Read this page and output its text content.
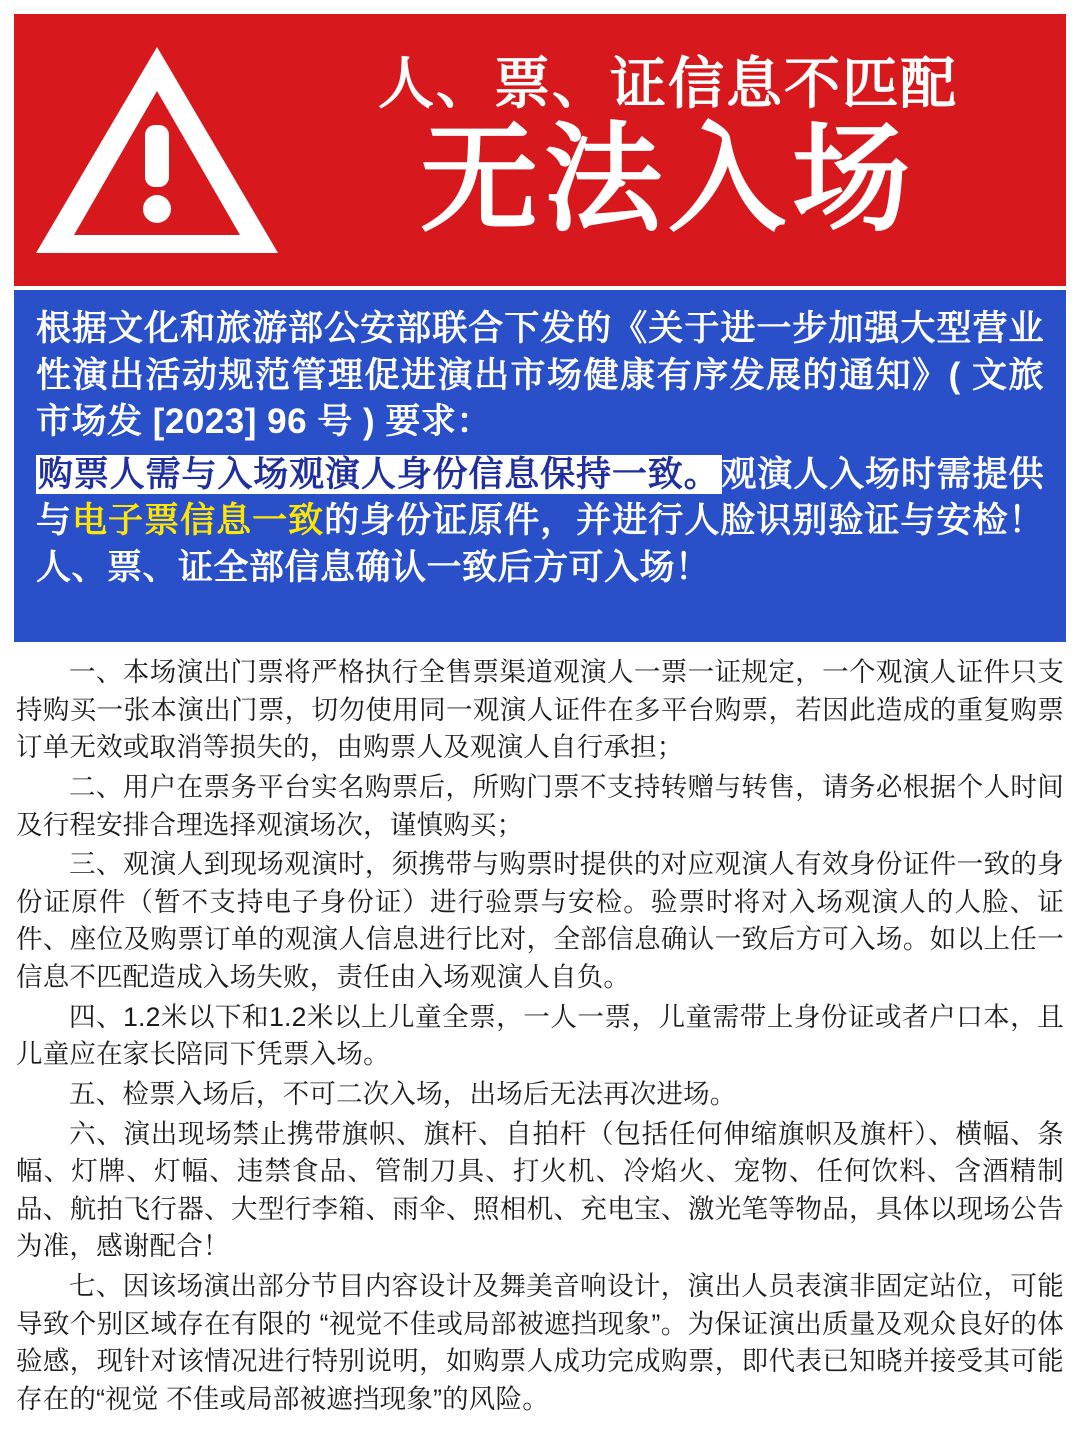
人、票、证信息不匹配
无法入场

根据文化和旅游部公安部联合下发的《关于进一步加强大型营业性演出活动规范管理促进演出市场健康有序发展的通知》( 文旅市场发 [2023] 96 号 ) 要求：

购票人需与入场观演人身份信息保持一致。观演人入场时需提供与电子票信息一致的身份证原件，并进行人脸识别验证与安检！人、票、证全部信息确认一致后方可入场！

一、本场演出门票将严格执行全售票渠道观演人一票一证规定，一个观演人证件只支持购买一张本演出门票，切勿使用同一观演人证件在多平台购票，若因此造成的重复购票订单无效或取消等损失的，由购票人及观演人自行承担；

二、用户在票务平台实名购票后，所购门票不支持转赠与转售，请务必根据个人时间及行程安排合理选择观演场次，谨慎购买；

三、观演人到现场观演时，须携带与购票时提供的对应观演人有效身份证件一致的身份证原件（暂不支持电子身份证）进行验票与安检。验票时将对入场观演人的人脸、证件、座位及购票订单的观演人信息进行比对，全部信息确认一致后方可入场。如以上任一信息不匹配造成入场失败，责任由入场观演人自负。

四、1.2米以下和1.2米以上儿童全票，一人一票，儿童需带上身份证或者户口本，且儿童应在家长陪同下凭票入场。

五、检票入场后，不可二次入场，出场后无法再次进场。

六、演出现场禁止携带旗帜、旗杆、自拍杆（包括任何伸缩旗帜及旗杆）、横幅、条幅、灯牌、灯幅、违禁食品、管制刀具、打火机、冷焰火、宠物、任何饮料、含酒精制品、航拍飞行器、大型行李箱、雨伞、照相机、充电宝、激光笔等物品，具体以现场公告为准，感谢配合！

七、因该场演出部分节目内容设计及舞美音响设计，演出人员表演非固定站位，可能导致个别区域存在有限的 “视觉不佳或局部被遮挡现象”。为保证演出质量及观众良好的体验感，现针对该情况进行特别说明，如购票人成功完成购票，即代表已知晓并接受其可能存在的“视觉 不佳或局部被遮挡现象”的风险。
